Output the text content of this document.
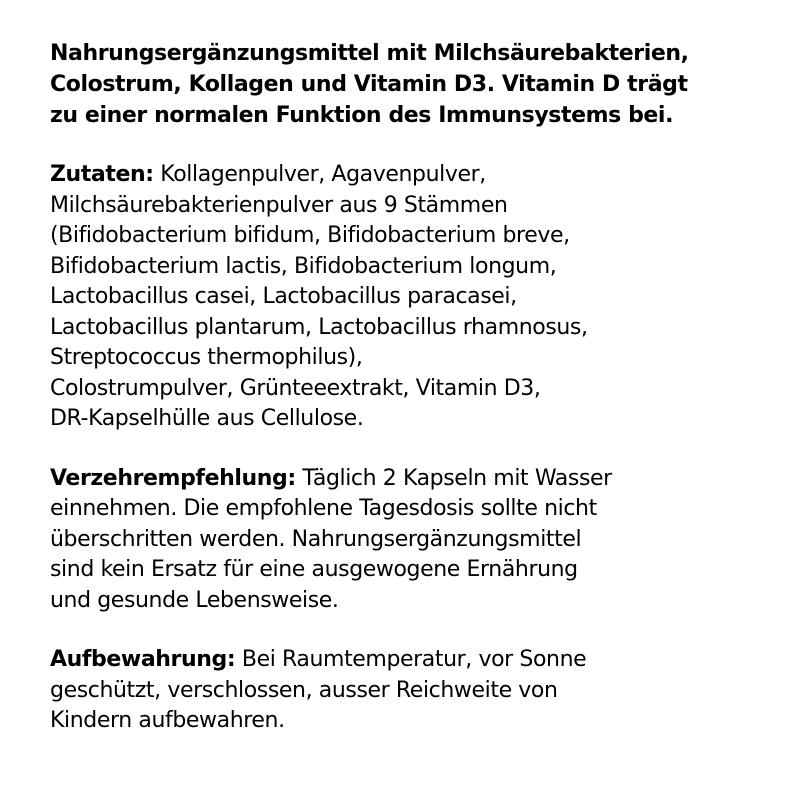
Nahrungsergänzungsmittel mit Milchsäurebakterien,
Colostrum, Kollagen und Vitamin D3. Vitamin D trägt
zu einer normalen Funktion des Immunsystems bei.
Zutaten: Kollagenpulver, Agavenpulver,
Milchsäurebakterienpulver aus 9 Stämmen
(Bifidobacterium bifidum, Bifidobacterium breve,
Bifidobacterium lactis, Bifidobacterium longum,
Lactobacillus casei, Lactobacillus paracasei,
Lactobacillus plantarum, Lactobacillus rhamnosus,
Streptococcus thermophilus),
Colostrumpulver, Grünteeextrakt, Vitamin D3,
DR-Kapselhülle aus Cellulose.
Verzehrempfehlung: Täglich 2 Kapseln mit Wasser
einnehmen. Die empfohlene Tagesdosis sollte nicht
überschritten werden. Nahrungsergänzungsmittel
sind kein Ersatz für eine ausgewogene Ernährung
und gesunde Lebensweise.
Aufbewahrung: Bei Raumtemperatur, vor Sonne
geschützt, verschlossen, ausser Reichweite von
Kindern aufbewahren.
